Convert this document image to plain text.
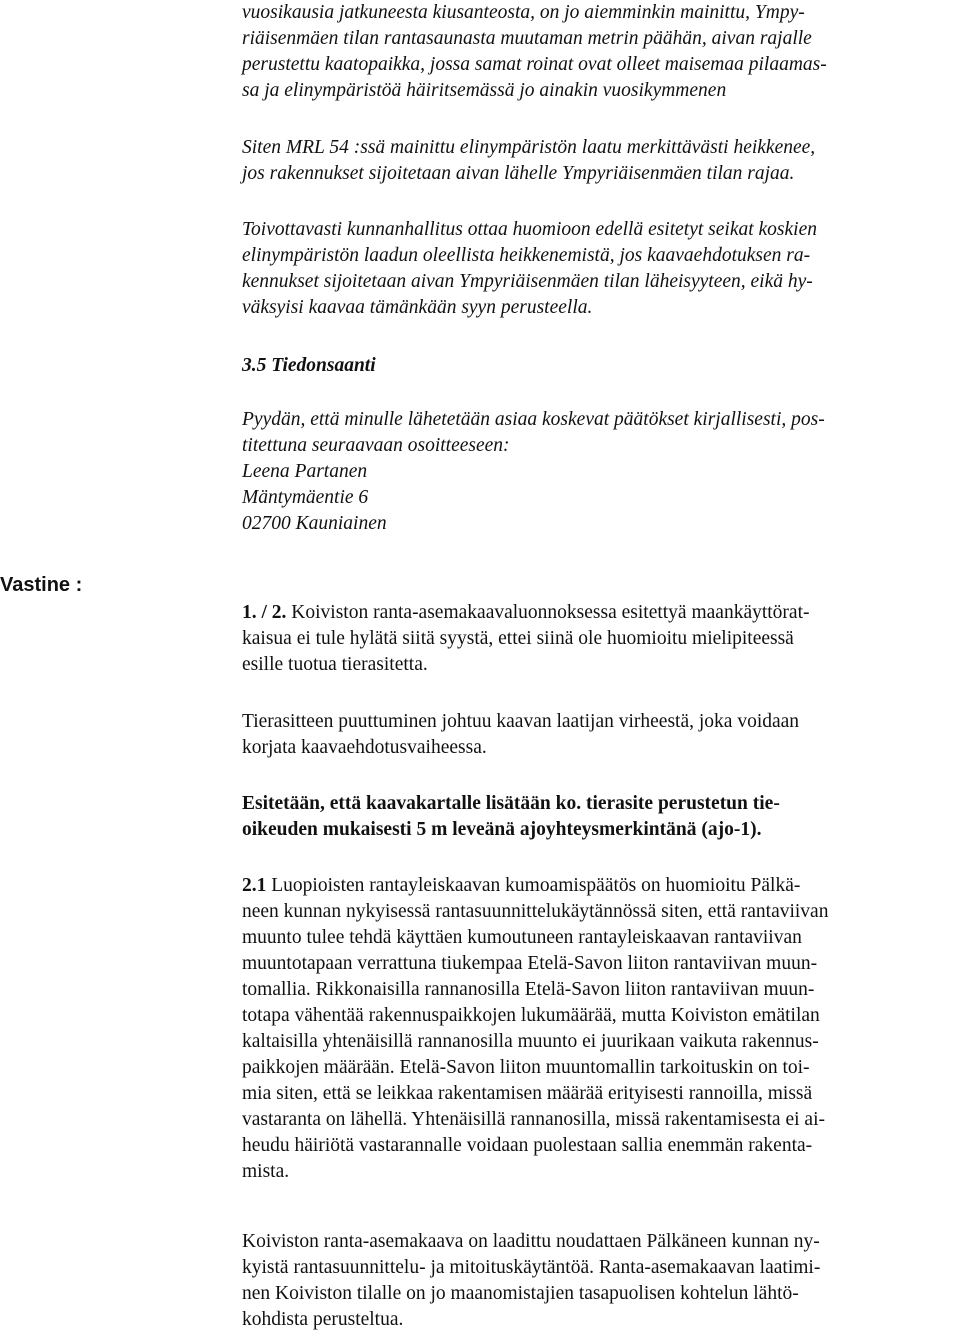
vuosikausia jatkuneesta kiusanteosta, on jo aiemminkin mainittu, Ympy-
riäisenmäen tilan rantasaunasta muutaman metrin päähän, aivan rajalle
perustettu kaatopaikka, jossa samat roinat ovat olleet maisemaa pilaamas-
sa ja elinympäristöä häiritsemässä jo ainakin vuosikymmenen
Siten MRL 54 :ssä mainittu elinympäristön laatu merkittävästi heikkenee,
jos rakennukset sijoitetaan aivan lähelle Ympyriäisenmäen tilan rajaa.
Toivottavasti kunnanhallitus ottaa huomioon edellä esitetyt seikat koskien
elinympäristön laadun oleellista heikkenemistä, jos kaavaehdotuksen ra-
kennukset sijoitetaan aivan Ympyriäisenmäen tilan läheisyyteen, eikä hy-
väksyisi kaavaa tämänkään syyn perusteella.
3.5 Tiedonsaanti
Pyydän, että minulle lähetetään asiaa koskevat päätökset kirjallisesti, pos-
titettuna seuraavaan osoitteeseen:
Leena Partanen
Mäntymäentie 6
02700 Kauniainen
Vastine :
1. / 2. Koiviston ranta-asemakaavaluonnoksessa esitettyä maankäyttörat-
kaisua ei tule hylätä siitä syystä, ettei siinä ole huomioitu mielipiteessä
esille tuotua tierasitetta.
Tierasitteen puuttuminen johtuu kaavan laatijan virheestä, joka voidaan
korjata kaavaehdotusvaiheessa.
Esitetään, että kaavakartalle lisätään ko. tierasite perustetun tie-
oikeuden mukaisesti 5 m leveänä ajoyhteysmerkintänä (ajo-1).
2.1 Luopioisten rantayleiskaavan kumoamispäätös on huomioitu Pälkä-
neen kunnan nykyisessä rantasuunnittelukäytännössä siten, että rantaviivan
muunto tulee tehdä käyttäen kumoutuneen rantayleiskaavan rantaviivan
muuntotapaan verrattuna tiukempaa Etelä-Savon liiton rantaviivan muun-
tomallia. Rikkonaisilla rannanosilla Etelä-Savon liiton rantaviivan muun-
totapa vähentää rakennuspaikkojen lukumäärää, mutta Koiviston emätilan
kaltaisilla yhtenäisillä rannanosilla muunto ei juurikaan vaikuta rakennus-
paikkojen määrään. Etelä-Savon liiton muuntomallin tarkoituskin on toi-
mia siten, että se leikkaa rakentamisen määrää erityisesti rannoilla, missä
vastaranta on lähellä. Yhtenäisillä rannanosilla, missä rakentamisesta ei ai-
heudu häiriötä vastarannalle voidaan puolestaan sallia enemmän rakenta-
mista.
Koiviston ranta-asemakaava on laadittu noudattaen Pälkäneen kunnan ny-
kyistä rantasuunnittelu- ja mitoituskäytäntöä. Ranta-asemakaavan laatimi-
nen Koiviston tilalle on jo maanomistajien tasapuolisen kohtelun lähtö-
kohdista perusteltua.
